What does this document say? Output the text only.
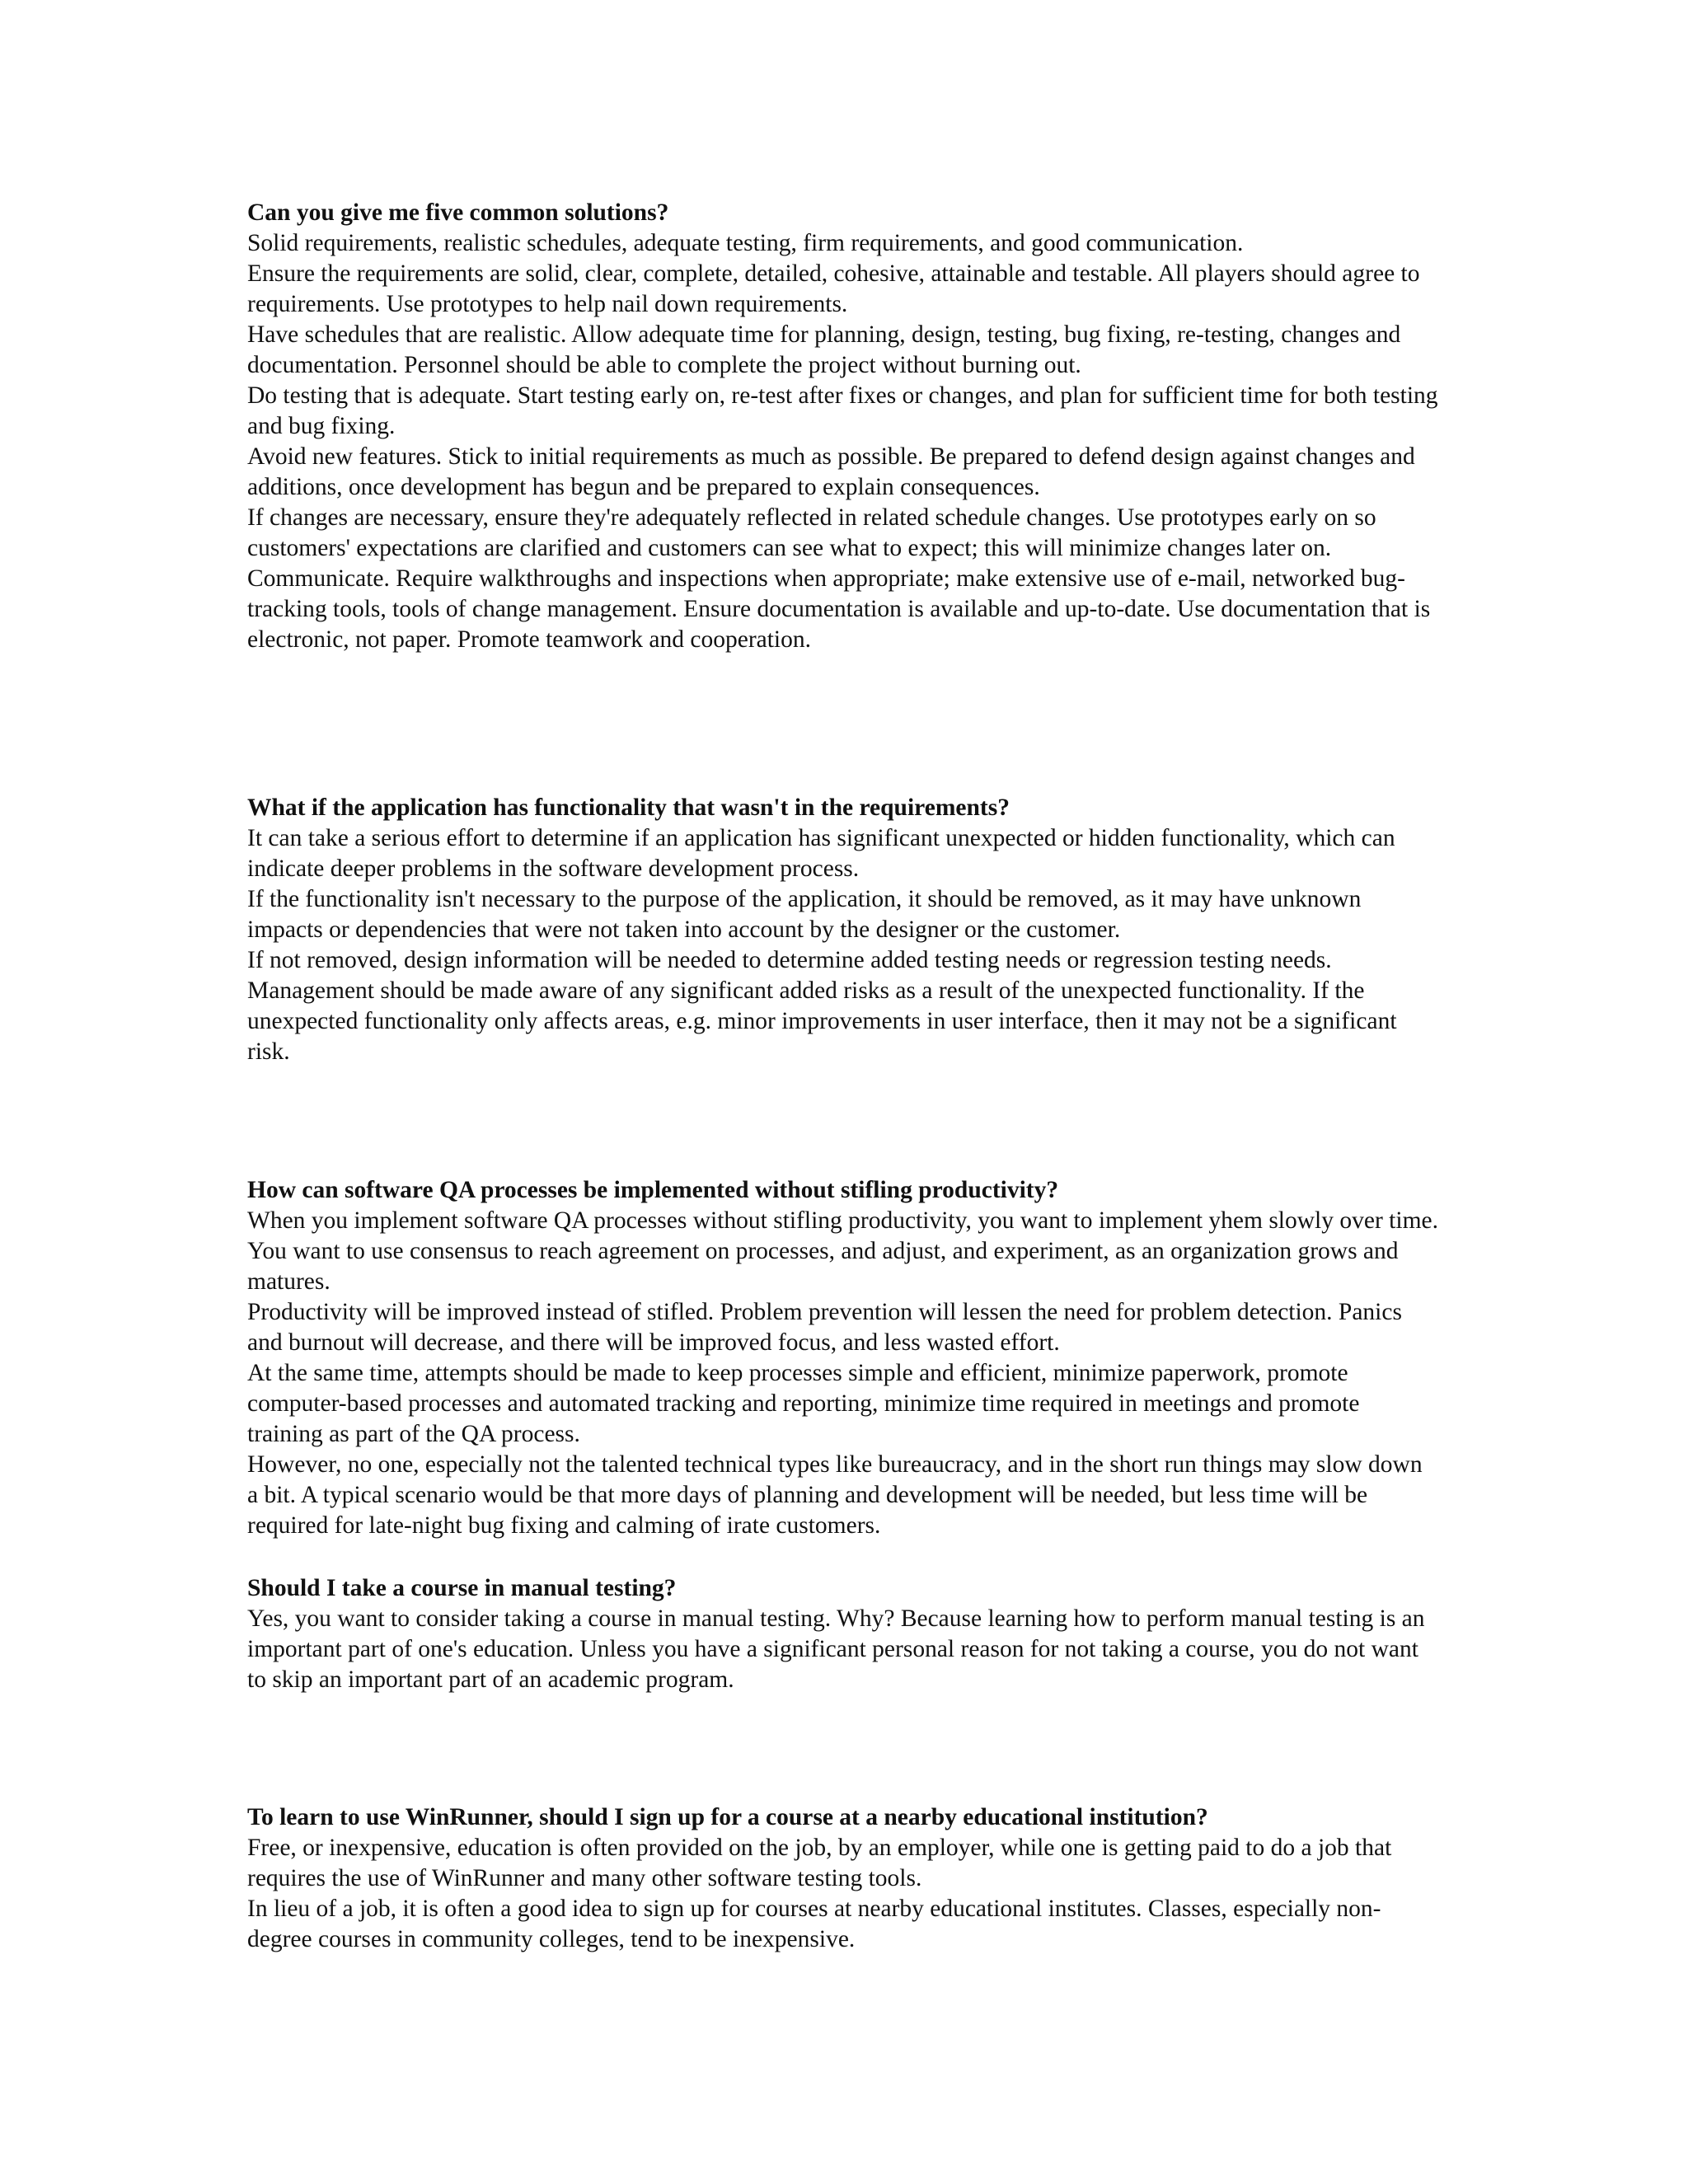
Can you give me five common solutions?

Solid requirements, realistic schedules, adequate testing, firm requirements, and good communication.

Ensure the requirements are solid, clear, complete, detailed, cohesive, attainable and testable. All players should agree to requirements. Use prototypes to help nail down requirements.

Have schedules that are realistic. Allow adequate time for planning, design, testing, bug fixing, re-testing, changes and documentation. Personnel should be able to complete the project without burning out.

Do testing that is adequate. Start testing early on, re-test after fixes or changes, and plan for sufficient time for both testing and bug fixing.

Avoid new features. Stick to initial requirements as much as possible. Be prepared to defend design against changes and additions, once development has begun and be prepared to explain consequences.

If changes are necessary, ensure they're adequately reflected in related schedule changes. Use prototypes early on so customers' expectations are clarified and customers can see what to expect; this will minimize changes later on.

Communicate. Require walkthroughs and inspections when appropriate; make extensive use of e-mail, networked bug-tracking tools, tools of change management. Ensure documentation is available and up-to-date. Use documentation that is electronic, not paper. Promote teamwork and cooperation.

What if the application has functionality that wasn't in the requirements?

It can take a serious effort to determine if an application has significant unexpected or hidden functionality, which can indicate deeper problems in the software development process.

If the functionality isn't necessary to the purpose of the application, it should be removed, as it may have unknown impacts or dependencies that were not taken into account by the designer or the customer.

If not removed, design information will be needed to determine added testing needs or regression testing needs. Management should be made aware of any significant added risks as a result of the unexpected functionality. If the unexpected functionality only affects areas, e.g. minor improvements in user interface, then it may not be a significant risk.

How can software QA processes be implemented without stifling productivity?

When you implement software QA processes without stifling productivity, you want to implement yhem slowly over time. You want to use consensus to reach agreement on processes, and adjust, and experiment, as an organization grows and matures.

Productivity will be improved instead of stifled. Problem prevention will lessen the need for problem detection. Panics and burnout will decrease, and there will be improved focus, and less wasted effort.

At the same time, attempts should be made to keep processes simple and efficient, minimize paperwork, promote computer-based processes and automated tracking and reporting, minimize time required in meetings and promote training as part of the QA process.

However, no one, especially not the talented technical types like bureaucracy, and in the short run things may slow down a bit. A typical scenario would be that more days of planning and development will be needed, but less time will be required for late-night bug fixing and calming of irate customers.

Should I take a course in manual testing?

Yes, you want to consider taking a course in manual testing. Why? Because learning how to perform manual testing is an important part of one's education. Unless you have a significant personal reason for not taking a course, you do not want to skip an important part of an academic program.

To learn to use WinRunner, should I sign up for a course at a nearby educational institution?

Free, or inexpensive, education is often provided on the job, by an employer, while one is getting paid to do a job that requires the use of WinRunner and many other software testing tools.

In lieu of a job, it is often a good idea to sign up for courses at nearby educational institutes. Classes, especially non-degree courses in community colleges, tend to be inexpensive.
